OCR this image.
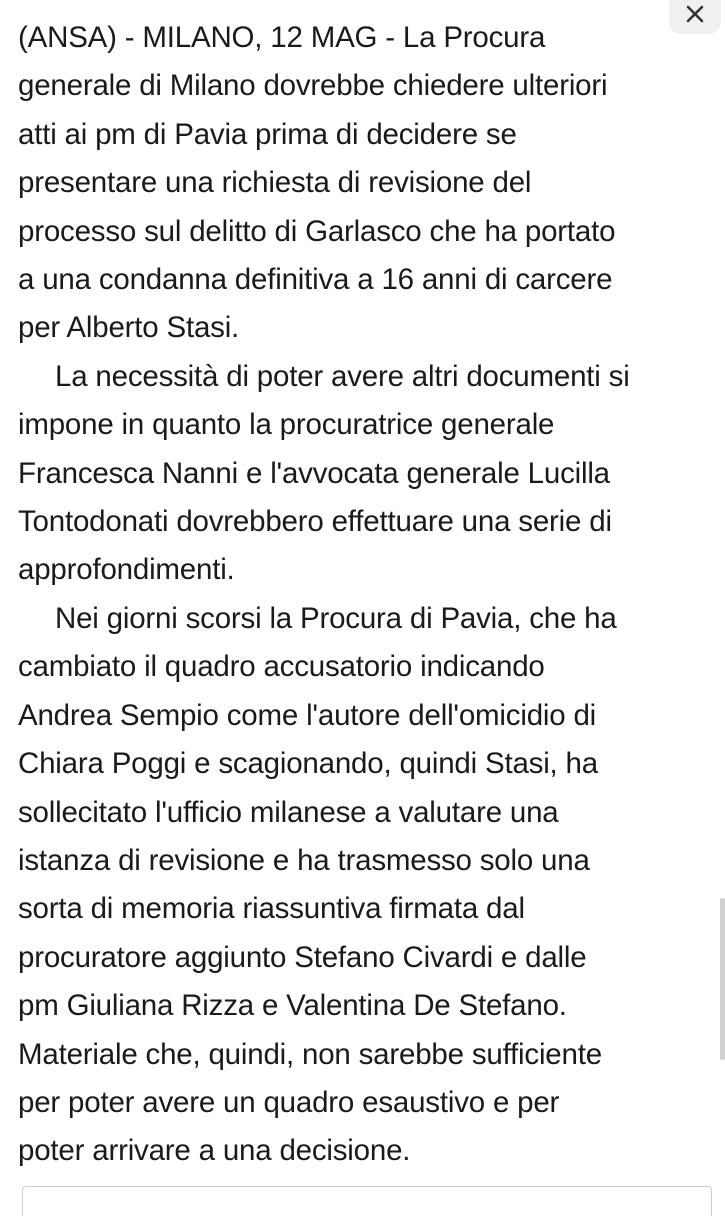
(ANSA) - MILANO, 12 MAG - La Procura
generale di Milano dovrebbe chiedere ulteriori
atti ai pm di Pavia prima di decidere se
presentare una richiesta di revisione del
processo sul delitto di Garlasco che ha portato
a una condanna definitiva a 16 anni di carcere
per Alberto Stasi.

La necessità di poter avere altri documenti si
impone in quanto la procuratrice generale
Francesca Nanni e l'avvocata generale Lucilla
Tontodonati dovrebbero effettuare una serie di
approfondimenti.

Nei giorni scorsi la Procura di Pavia, che ha
cambiato il quadro accusatorio indicando
Andrea Sempio come l'autore dell'omicidio di
Chiara Poggi e scagionando, quindi Stasi, ha
sollecitato l'ufficio milanese a valutare una
istanza di revisione e ha trasmesso solo una
sorta di memoria riassuntiva firmata dal
procuratore aggiunto Stefano Civardi e dalle
pm Giuliana Rizza e Valentina De Stefano.
Materiale che, quindi, non sarebbe sufficiente
per poter avere un quadro esaustivo e per
poter arrivare a una decisione.
